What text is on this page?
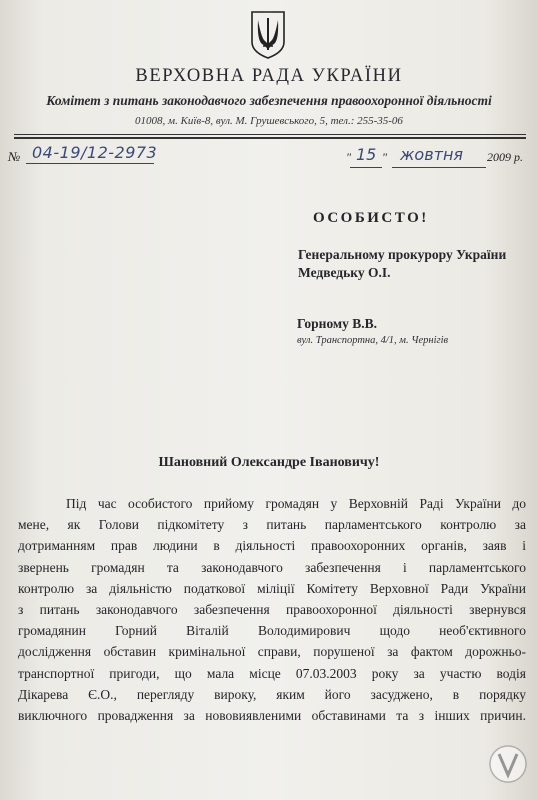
ВЕРХОВНА РАДА УКРАЇНИ
Комітет з питань законодавчого забезпечення правоохоронної діяльності
01008, м. Київ-8, вул. М. Грушевського, 5, тел.: 255-35-06
№ 04-19/12-2973	" 15 " жовтня 2009 р.
ОСОБИСТО!
Генеральному прокурору України
Медведьку О.І.
Горному В.В.
вул. Транспортна, 4/1, м. Чернігів
Шановний Олександре Івановичу!
Під час особистого прийому громадян у Верховній Раді України до
мене, як Голови підкомітету з питань парламентського контролю за
дотриманням прав людини в діяльності правоохоронних органів, заяв і
звернень громадян та законодавчого забезпечення і парламентського
контролю за діяльністю податкової міліції Комітету Верховної Ради України
з питань законодавчого забезпечення правоохоронної діяльності звернувся
громадянин Горний Віталій Володимирович щодо необ'єктивного
дослідження обставин кримінальної справи, порушеної за фактом дорожньо-
транспортної пригоди, що мала місце 07.03.2003 року за участю водія
Дікарева Є.О., перегляду вироку, яким його засуджено, в порядку
виключного провадження за нововиявленими обставинами та з інших причин.
